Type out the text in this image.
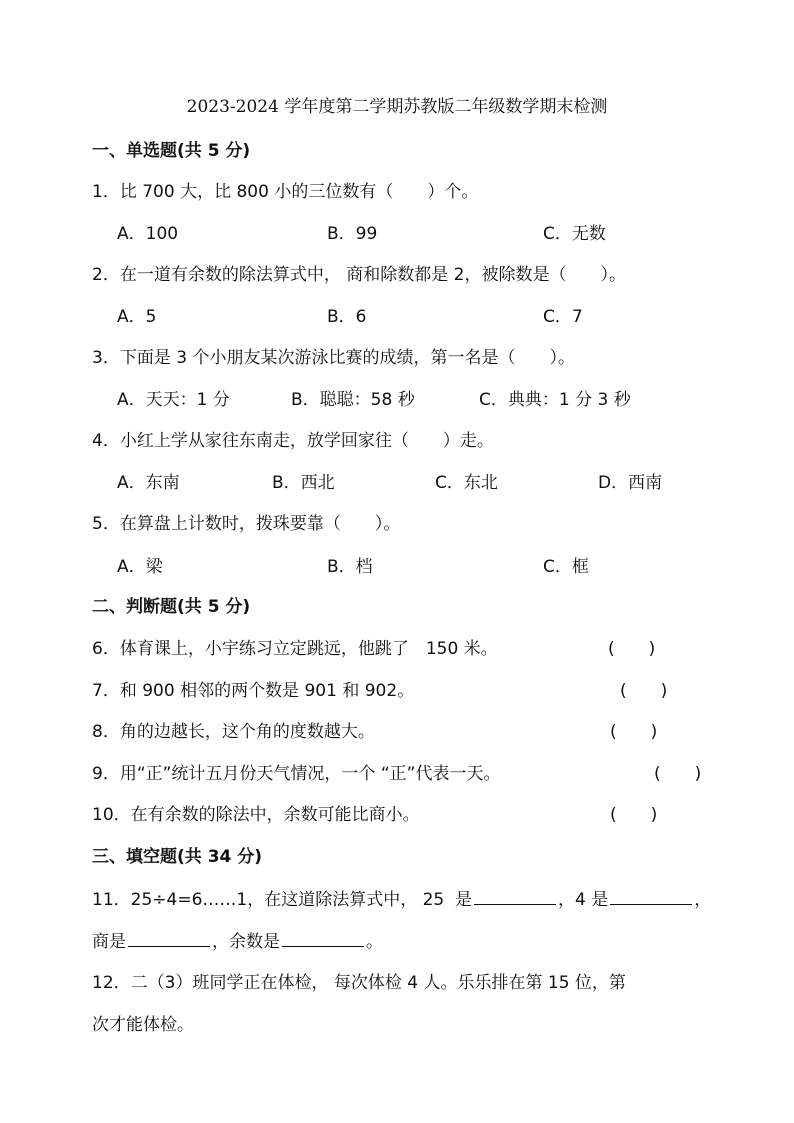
2023-2024 学年度第二学期苏教版二年级数学期末检测
一、单选题(共 5 分)
1．比 700 大，比 800 小的三位数有（　　）个。
A．100	B．99	C．无数
2．在一道有余数的除法算式中， 商和除数都是 2，被除数是（　　）。
A．5	B．6	C．7
3．下面是 3 个小朋友某次游泳比赛的成绩，第一名是（　　）。
A．天天：1 分	B．聪聪：58 秒	C．典典：1 分 3 秒
4．小红上学从家往东南走，放学回家往（　　）走。
A．东南	B．西北	C．东北	D．西南
5．在算盘上计数时，拨珠要靠（　　）。
A．梁	B．档	C．框
二、判断题(共 5 分)
6．体育课上，小宇练习立定跳远，他跳了　150 米。	(　　)
7．和 900 相邻的两个数是 901 和 902。	(　　)
8．角的边越长，这个角的度数越大。	(　　)
9．用“正”统计五月份天气情况，一个 “正”代表一天。	(　　)
10．在有余数的除法中，余数可能比商小。	(　　)
三、填空题(共 34 分)
11．25÷4=6……1，在这道除法算式中， 25  是	，4 是	，
商是	，余数是	。
12．二（3）班同学正在体检， 每次体检 4 人。乐乐排在第 15 位，第
次才能体检。
